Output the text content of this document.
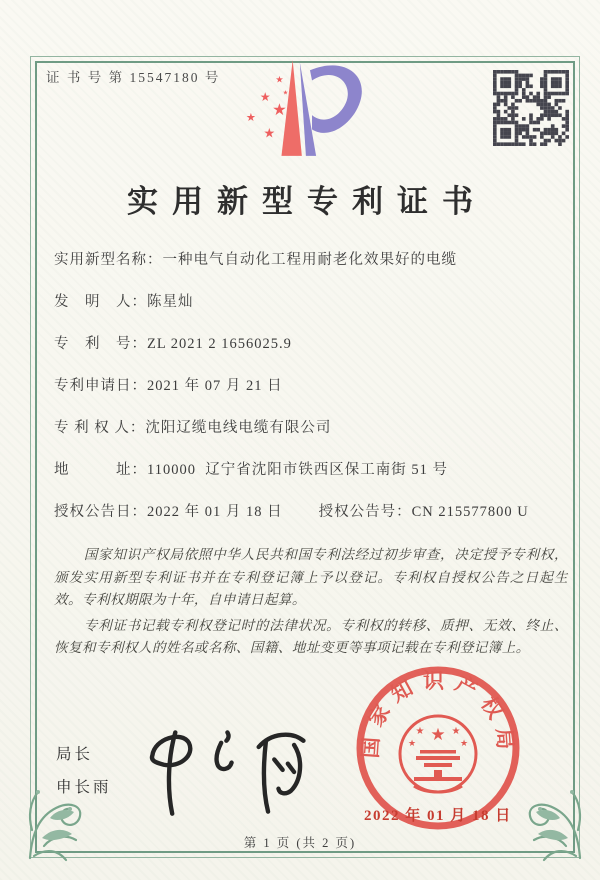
证 书 号 第 15547180 号	★
★
★
★
★
★
实用新型专利证书
实用新型名称： 一种电气自动化工程用耐老化效果好的电缆
发　明　人： 陈星灿
专　利　号： ZL 2021 2 1656025.9
专利申请日： 2021 年 07 月 21 日
专 利 权 人： 沈阳辽缆电线电缆有限公司
地　　　址： 110000  辽宁省沈阳市铁西区保工南街 51 号
授权公告日： 2022 年 01 月 18 日 授权公告号： CN 215577800 U

国家知识产权局依照中华人民共和国专利法经过初步审查，决定授予专利权，颁发实用新型专利证书并在专利登记簿上予以登记。专利权自授权公告之日起生效。专利权期限为十年，自申请日起算。

专利证书记载专利权登记时的法律状况。专利权的转移、质押、无效、终止、恢复和专利权人的姓名或名称、国籍、地址变更等事项记载在专利登记簿上。

局长
申长雨
国家知识产权局
★
★	★
★	★
2022 年 01 月 18 日
第 1 页 (共 2 页)
